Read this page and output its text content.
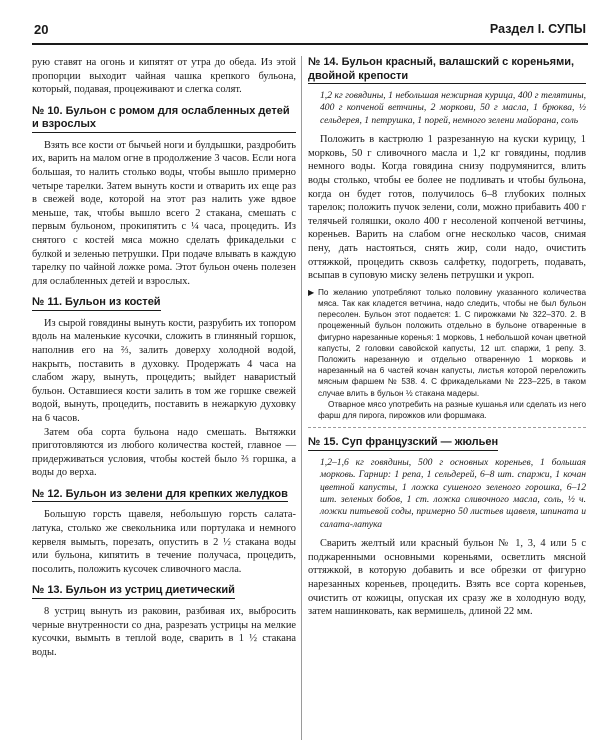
20	Раздел I. СУПЫ

рую ставят на огонь и кипятят от утра до обеда. Из этой пропорции выходит чайная чашка крепкого бульона, который, подавая, процеживают и слегка солят.

№ 10. Бульон с ромом для ослабленных детей и взрослых

Взять все кости от бычьей ноги и булдышки, раздробить их, варить на малом огне в продолжение 3 часов. Если нога большая, то налить столько воды, чтобы вышло примерно четыре тарелки. Затем вынуть кости и отварить их еще раз в свежей воде, которой на этот раз налить уже вдвое меньше, так, чтобы вышло всего 2 стакана, смешать с первым бульоном, прокипятить с ¼ часа, процедить. Из снятого с костей мяса можно сделать фрикадельки с булкой и зеленью петрушки. При подаче влывать в каждую тарелку по чайной ложке рома. Этот бульон очень полезен для ослабленных детей и взрослых.

№ 11. Бульон из костей

Из сырой говядины вынуть кости, разрубить их топором вдоль на маленькие кусочки, сложить в глиняный горшок, наполнив его на ⅔, залить доверху холодной водой, накрыть, поставить в духовку. Продержать 4 часа на слабом жару, вынуть, процедить; выйдет наваристый бульон. Оставшиеся кости залить в том же горшке свежей водой, вынуть, процедить, поставить в нежаркую духовку на 6 часов.

Затем оба сорта бульона надо смешать. Вытяжки приготовляются из любого количества костей, главное — придерживаться условия, чтобы костей было ⅔ горшка, а воды до верха.

№ 12. Бульон из зелени для крепких желудков

Большую горсть щавеля, небольшую горсть салата-латука, столько же свекольника или портулака и немного кервеля вымыть, порезать, опустить в 2 ½ стакана воды или бульона, кипятить в течение получаса, процедить, посолить, положить кусочек сливочного масла.

№ 13. Бульон из устриц диетический

8 устриц вынуть из раковин, разбивая их, выбросить черные внутренности со дна, разрезать устрицы на мелкие кусочки, вымыть в теплой воде, сварить в 1 ½ стакана воды.

№ 14. Бульон красный, валашский с кореньями, двойной крепости

1,2 кг говядины, 1 небольшая нежирная курица, 400 г телятины, 400 г копченой ветчины, 2 моркови, 50 г масла, 1 брюква, ½ сельдерея, 1 петрушка, 1 порей, немного зелени майорана, соль

Положить в кастрюлю 1 разрезанную на куски курицу, 1 морковь, 50 г сливочного масла и 1,2 кг говядины, подлив немного воды. Когда говядина снизу подрумянится, влить воды столько, чтобы ее более не подливать и чтобы бульона, когда он будет готов, получилось 6–8 глубоких полных тарелок; положить пучок зелени, соли, можно прибавить 400 г телячьей голяшки, около 400 г несоленой копченой ветчины, кореньев. Варить на слабом огне несколько часов, снимая пену, дать настояться, снять жир, соли надо, очистить оттяжкой, процедить сквозь салфетку, подогреть, подавать, всыпав в суповую миску зелень петрушки и укроп.

▶ По желанию употребляют только половину указанного количества мяса. Так как кладется ветчина, надо следить, чтобы не был бульон пересолен. Бульон этот подается: 1. С пирожками № 322–370. 2. В процеженный бульон положить отдельно в бульоне отваренные в фигурно нарезанные коренья: 1 морковь, 1 небольшой кочан цветной капусты, 2 головки савойской капусты, 12 шт. спаржи, 1 репу. 3. Положить нарезанную и отдельно отваренную 1 морковь и нарезанный на 6 частей кочан капусты, листья которой переложить мясным фаршем № 538. 4. С фрикадельками № 223–225, в таком случае влить в бульон ½ стакана мадеры.

Отварное мясо употребить на разные кушанья или сделать из него фарш для пирога, пирожков или форшмака.

№ 15. Суп французский — жюльен

1,2–1,6 кг говядины, 500 г основных кореньев, 1 большая морковь. Гарнир: 1 репа, 1 сельдерей, 6–8 шт. спаржи, 1 кочан цветной капусты, 1 ложка сушеного зеленого горошка, 6–12 шт. зеленых бобов, 1 ст. ложка сливочного масла, соль, ½ ч. ложки питьевой соды, примерно 50 листьев щавеля, шпината и салата-латука

Сварить желтый или красный бульон № 1, 3, 4 или 5 с поджаренными основными кореньями, осветлить мясной оттяжкой, в которую добавить и все обрезки от фигурно нарезанных кореньев, процедить. Взять все сорта кореньев, очистить от кожицы, опуская их сразу же в холодную воду, затем нашинковать, как вермишель, длиной 22 мм.
